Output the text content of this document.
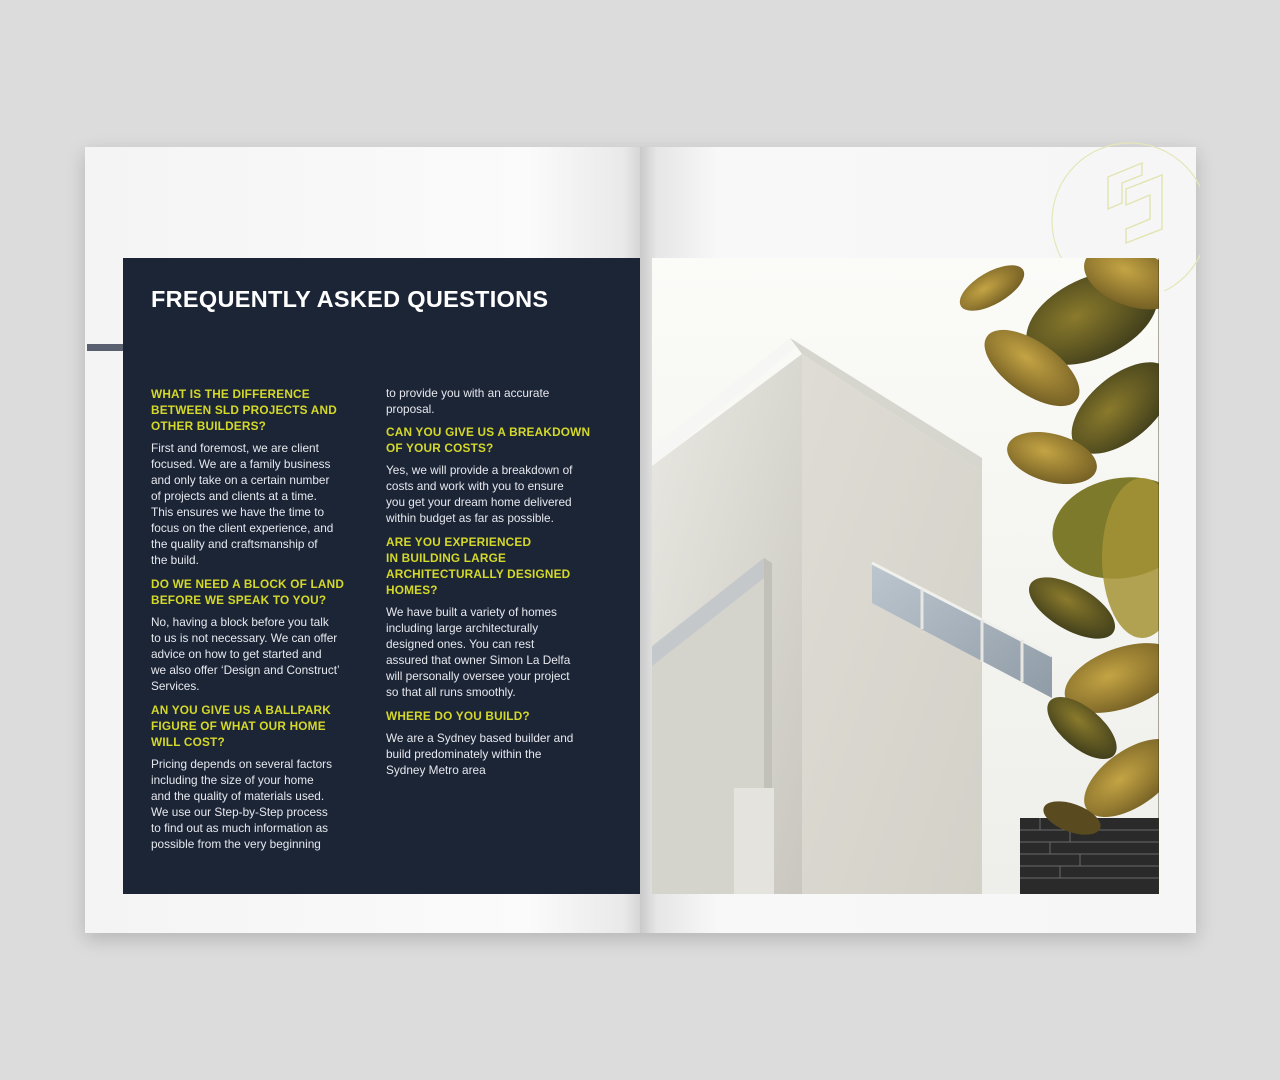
FREQUENTLY ASKED QUESTIONS

WHAT IS THE DIFFERENCE
BETWEEN SLD PROJECTS AND
OTHER BUILDERS?

First and foremost, we are client
focused. We are a family business
and only take on a certain number
of projects and clients at a time.
This ensures we have the time to
focus on the client experience, and
the quality and craftsmanship of
the build.

DO WE NEED A BLOCK OF LAND
BEFORE WE SPEAK TO YOU?

No, having a block before you talk
to us is not necessary. We can offer
advice on how to get started and
we also offer ‘Design and Construct’
Services.

AN YOU GIVE US A BALLPARK
FIGURE OF WHAT OUR HOME
WILL COST?

Pricing depends on several factors
including the size of your home
and the quality of materials used.
We use our Step-by-Step process
to find out as much information as
possible from the very beginning

to provide you with an accurate
proposal.

CAN YOU GIVE US A BREAKDOWN
OF YOUR COSTS?

Yes, we will provide a breakdown of
costs and work with you to ensure
you get your dream home delivered
within budget as far as possible.

ARE YOU EXPERIENCED
IN BUILDING LARGE
ARCHITECTURALLY DESIGNED
HOMES?

We have built a variety of homes
including large architecturally
designed ones. You can rest
assured that owner Simon La Delfa
will personally oversee your project
so that all runs smoothly.

WHERE DO YOU BUILD?

We are a Sydney based builder and
build predominately within the
Sydney Metro area
